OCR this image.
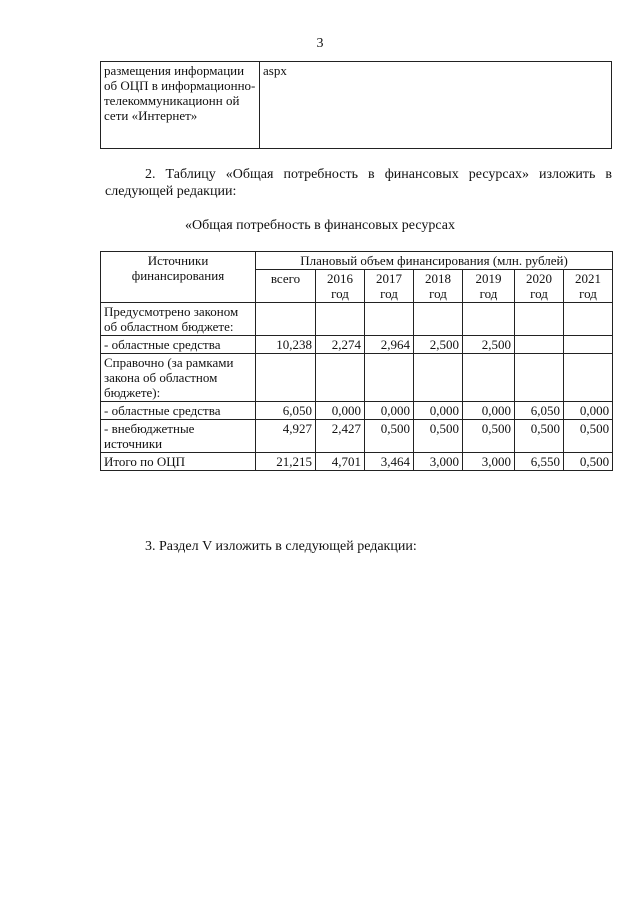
3
размещения информации об ОЦП в информационно-телекоммуникационн ой сети «Интернет»	aspx
2. Таблицу «Общая потребность в финансовых ресурсах» изложить в следующей редакции:
«Общая потребность в финансовых ресурсах
Источники финансирования	Плановый объем финансирования (млн. рублей)						
	всего	2016 год	2017 год	2018 год	2019 год	2020 год	2021 год
Предусмотрено законом об областном бюджете:							
- областные средства	10,238	2,274	2,964	2,500	2,500		
Справочно (за рамками закона об областном бюджете):							
- областные средства	6,050	0,000	0,000	0,000	0,000	6,050	0,000
- внебюджетные источники	4,927	2,427	0,500	0,500	0,500	0,500	0,500
Итого по ОЦП	21,215	4,701	3,464	3,000	3,000	6,550	0,500
3. Раздел V изложить в следующей редакции:
